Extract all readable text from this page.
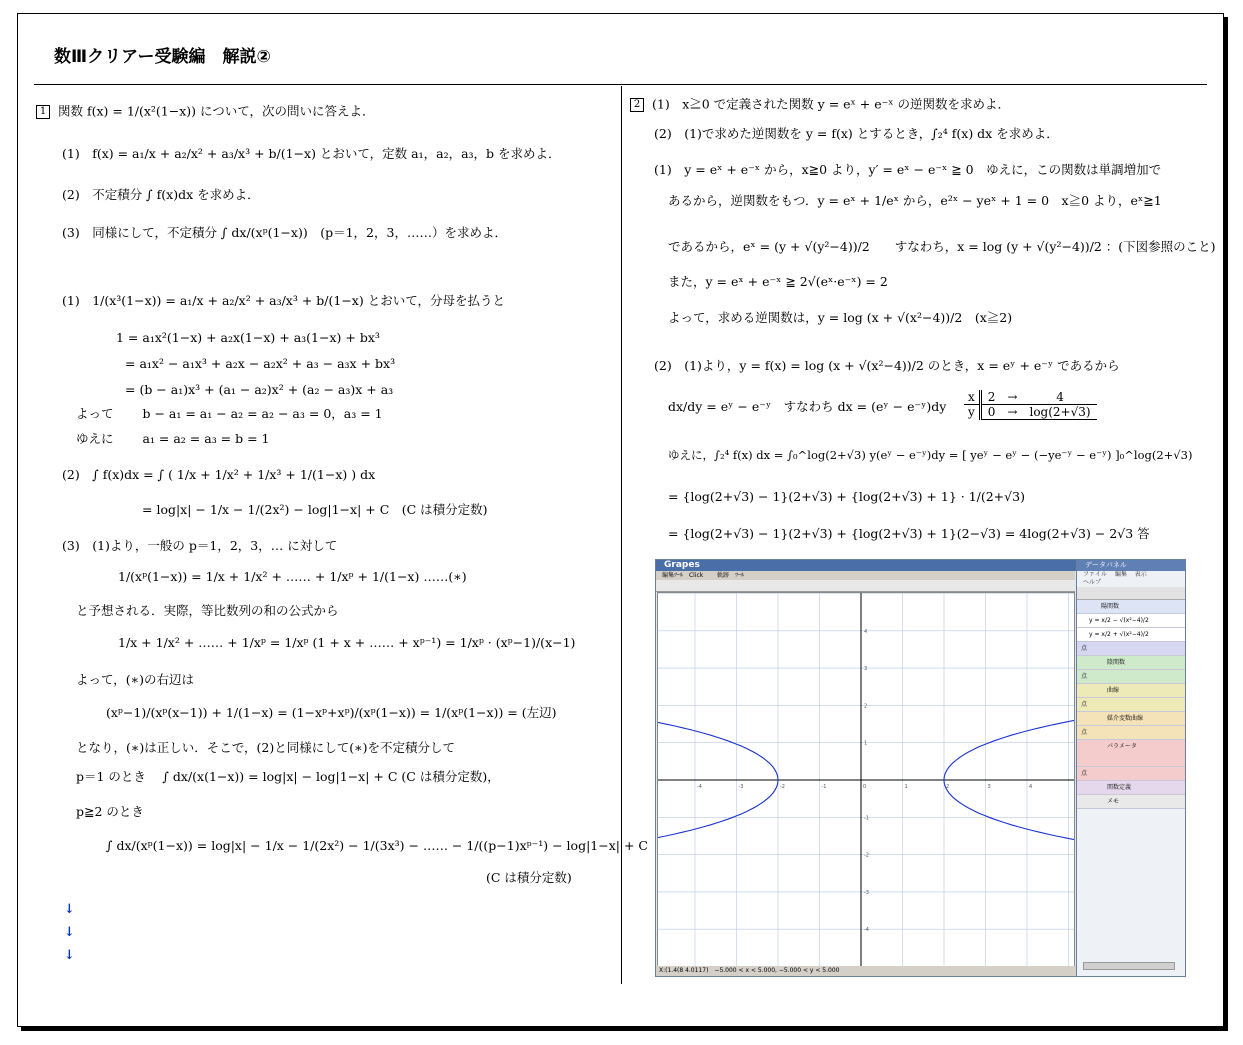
数Ⅲクリアー受験編　解説②
1 関数 f(x) = 1/(x²(1−x)) について，次の問いに答えよ．
(1)　f(x) = a₁/x + a₂/x² + a₃/x³ + b/(1−x) とおいて，定数 a₁，a₂，a₃，b を求めよ．
(2)　不定積分 ∫ f(x)dx を求めよ．
(3)　同様にして，不定積分 ∫ dx/(xᵖ(1−x))　(p＝1，2，3，……）を求めよ．
(1)　1/(x³(1−x)) = a₁/x + a₂/x² + a₃/x³ + b/(1−x) とおいて，分母を払うと
1 = a₁x²(1−x) + a₂x(1−x) + a₃(1−x) + bx³
= a₁x² − a₁x³ + a₂x − a₂x² + a₃ − a₃x + bx³
= (b − a₁)x³ + (a₁ − a₂)x² + (a₂ − a₃)x + a₃
よって　　 b − a₁ = a₁ − a₂ = a₂ − a₃ = 0，a₃ = 1
ゆえに　　 a₁ = a₂ = a₃ = b = 1
(2)　∫ f(x)dx = ∫ ( 1/x + 1/x² + 1/x³ + 1/(1−x) ) dx
= log|x| − 1/x − 1/(2x²) − log|1−x| + C　(C は積分定数)
(3)　(1)より，一般の p＝1，2，3，… に対して
1/(xᵖ(1−x)) = 1/x + 1/x² + …… + 1/xᵖ + 1/(1−x) ……(∗)
と予想される．実際，等比数列の和の公式から
1/x + 1/x² + …… + 1/xᵖ = 1/xᵖ (1 + x + …… + xᵖ⁻¹) = 1/xᵖ · (xᵖ−1)/(x−1)
よって，(∗)の右辺は
(xᵖ−1)/(xᵖ(x−1)) + 1/(1−x) = (1−xᵖ+xᵖ)/(xᵖ(1−x)) = 1/(xᵖ(1−x)) = (左辺)
となり，(∗)は正しい．そこで，(2)と同様にして(∗)を不定積分して
p＝1 のとき　 ∫ dx/(x(1−x)) = log|x| − log|1−x| + C (C は積分定数)，
p≧2 のとき
∫ dx/(xᵖ(1−x)) = log|x| − 1/x − 1/(2x²) − 1/(3x³) − …… − 1/((p−1)xᵖ⁻¹) − log|1−x| + C
(C は積分定数)
↓
↓
↓
2 (1)　x≧0 で定義された関数 y = eˣ + e⁻ˣ の逆関数を求めよ．
(2)　(1)で求めた逆関数を y = f(x) とするとき，∫₂⁴ f(x) dx を求めよ．
(1)　y = eˣ + e⁻ˣ から，x≧0 より，y′ = eˣ − e⁻ˣ ≧ 0　ゆえに，この関数は単調増加で
あるから，逆関数をもつ．y = eˣ + 1/eˣ から，e²ˣ − yeˣ + 1 = 0　x≧0 より，eˣ≧1
であるから，eˣ = (y + √(y²−4))/2　　すなわち，x = log (y + √(y²−4))/2 ：(下図参照のこと)
また，y = eˣ + e⁻ˣ ≧ 2√(eˣ·e⁻ˣ) = 2
よって，求める逆関数は，y = log (x + √(x²−4))/2　(x≧2)
(2)　(1)より，y = f(x) = log (x + √(x²−4))/2 のとき，x = eʸ + e⁻ʸ であるから
dx/dy = eʸ − e⁻ʸ　すなわち dx = (eʸ − e⁻ʸ)dy
x	2	→	4
y	0	→	log(2+√3)
ゆえに，∫₂⁴ f(x) dx = ∫₀^log(2+√3) y(eʸ − e⁻ʸ)dy = [ yeʸ − eʸ − (−ye⁻ʸ − e⁻ʸ) ]₀^log(2+√3)
= {log(2+√3) − 1}(2+√3) + {log(2+√3) + 1} · 1/(2+√3)
= {log(2+√3) − 1}(2+√3) + {log(2+√3) + 1}(2−√3) = 4log(2+√3) − 2√3 答
Grapes
編集ﾂｰﾙ Click 軌跡 ﾂｰﾙ
-4	-3	-2	-1	0	1	2	3	4
4
3
2
1
-1
-2
-3
-4
X:(1.4(8 4.0117)　−5.000 < x < 5.000, −5.000 < y < 5.000
データパネル
ファイル 編集 表示
ヘルプ
陽関数
y = x/2 − √(x²−4)/2
y = x/2 + √(x²−4)/2
点
陰関数
点
曲線
点
媒介変数曲線
点
パラメータ
点
関数定義
メモ
